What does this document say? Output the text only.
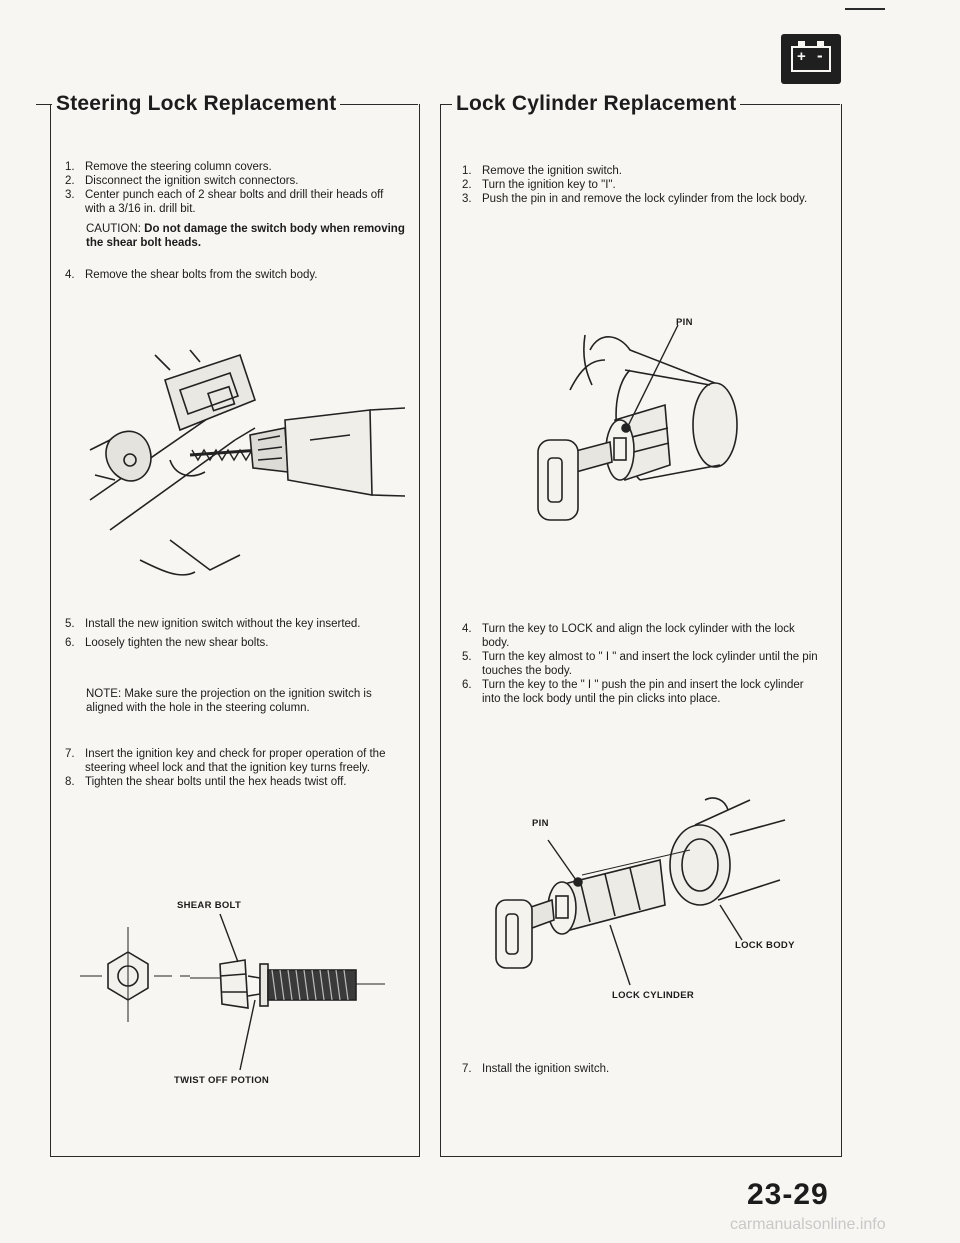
+ -
Steering Lock Replacement
1. Remove the steering column covers.
2. Disconnect the ignition switch connectors.
3. Center punch each of 2 shear bolts and drill their heads off with a 3/16 in. drill bit.
CAUTION: Do not damage the switch body when removing the shear bolt heads.
4. Remove the shear bolts from the switch body.
5. Install the new ignition switch without the key inserted.
6. Loosely tighten the new shear bolts.
NOTE: Make sure the projection on the ignition switch is aligned with the hole in the steering column.
7. Insert the ignition key and check for proper operation of the steering wheel lock and that the ignition key turns freely.
8. Tighten the shear bolts until the hex heads twist off.
SHEAR BOLT
TWIST OFF POTION
Lock Cylinder Replacement
1. Remove the ignition switch.
2. Turn the ignition key to "I".
3. Push the pin in and remove the lock cylinder from the lock body.
PIN
4. Turn the key to LOCK and align the lock cylinder with the lock body.
5. Turn the key almost to " I " and insert the lock cylinder until the pin touches the body.
6. Turn the key to the " I " push the pin and insert the lock cylinder into the lock body until the pin clicks into place.
PIN
LOCK BODY
LOCK CYLINDER
7. Install the ignition switch.
23-29
carmanualsonline.info
